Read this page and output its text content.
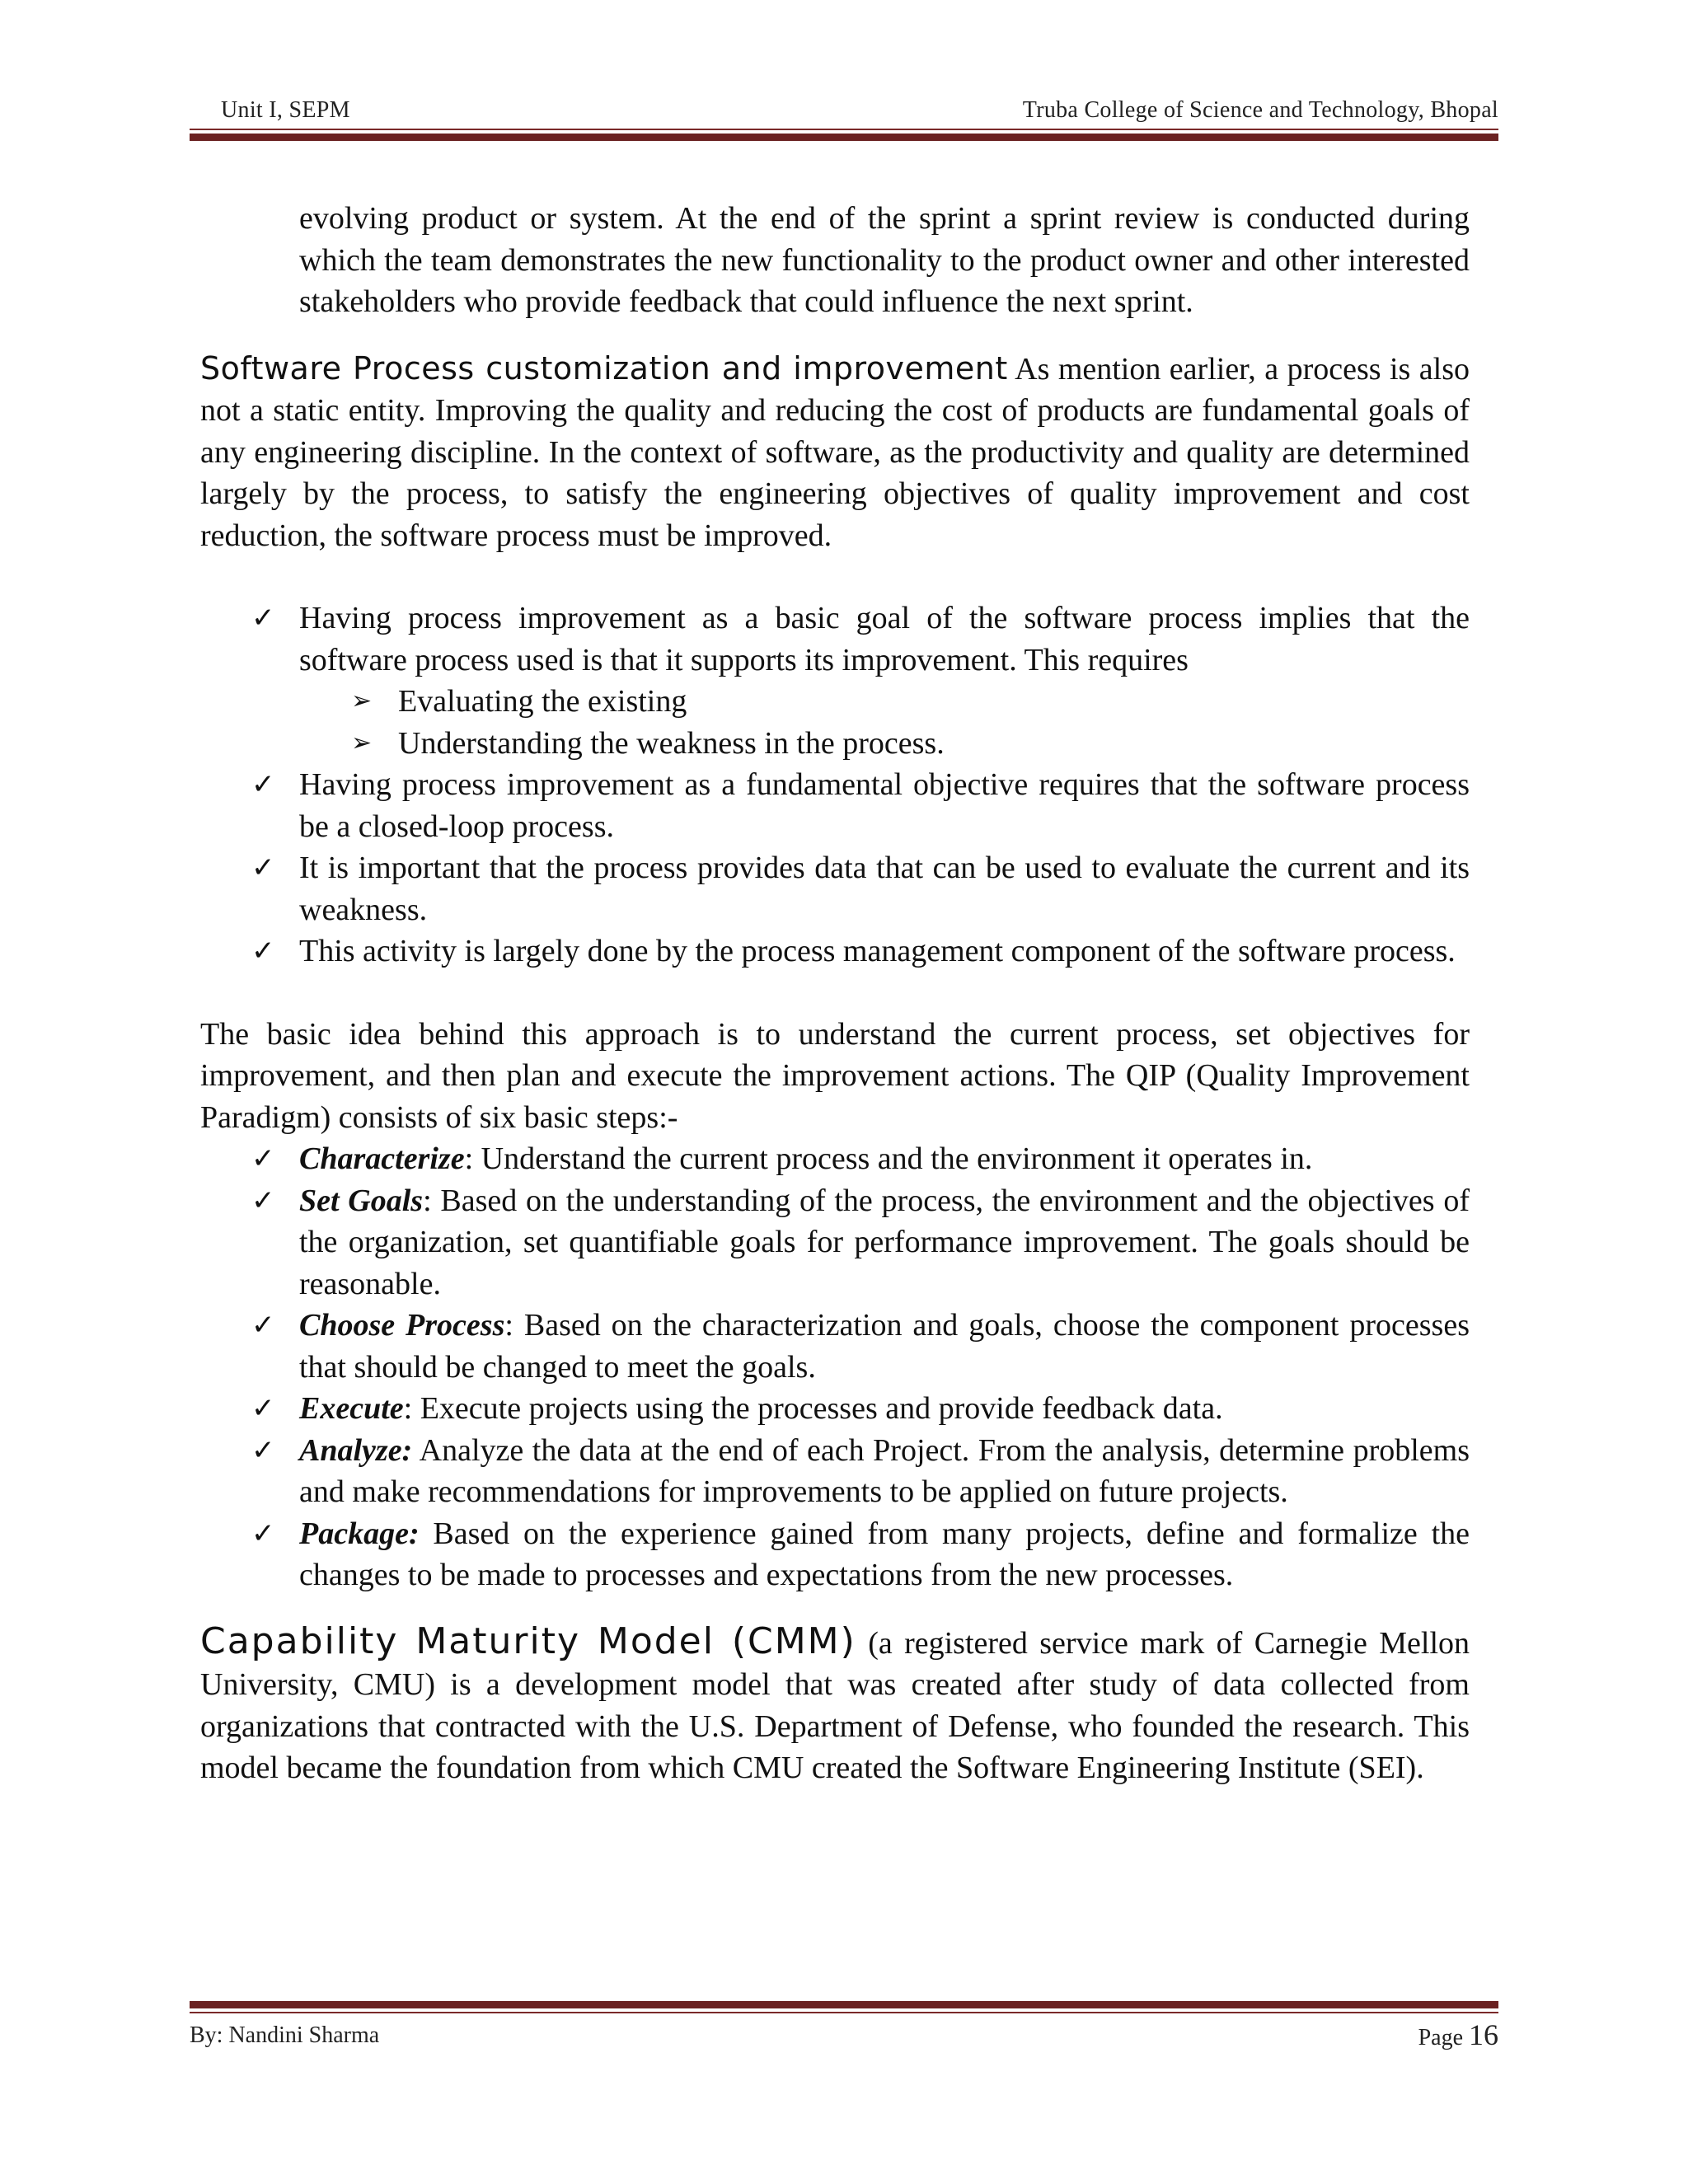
Unit I, SEPM	Truba College of Science and Technology, Bhopal

evolving product or system. At the end of the sprint a sprint review is conducted during which the team demonstrates the new functionality to the product owner and other interested stakeholders who provide feedback that could influence the next sprint.

Software Process customization and improvement As mention earlier, a process is also not a static entity. Improving the quality and reducing the cost of products are fundamental goals of any engineering discipline. In the context of software, as the productivity and quality are determined largely by the process, to satisfy the engineering objectives of quality improvement and cost reduction, the software process must be improved.

✓ Having process improvement as a basic goal of the software process implies that the software process used is that it supports its improvement. This requires
➢ Evaluating the existing
➢ Understanding the weakness in the process.
✓ Having process improvement as a fundamental objective requires that the software process be a closed-loop process.
✓ It is important that the process provides data that can be used to evaluate the current and its weakness.
✓ This activity is largely done by the process management component of the software process.

The basic idea behind this approach is to understand the current process, set objectives for improvement, and then plan and execute the improvement actions. The QIP (Quality Improvement Paradigm) consists of six basic steps:-

✓ Characterize: Understand the current process and the environment it operates in.
✓ Set Goals: Based on the understanding of the process, the environment and the objectives of the organization, set quantifiable goals for performance improvement. The goals should be reasonable.
✓ Choose Process: Based on the characterization and goals, choose the component processes that should be changed to meet the goals.
✓ Execute: Execute projects using the processes and provide feedback data.
✓ Analyze: Analyze the data at the end of each Project. From the analysis, determine problems and make recommendations for improvements to be applied on future projects.
✓ Package: Based on the experience gained from many projects, define and formalize the changes to be made to processes and expectations from the new processes.

Capability Maturity Model (CMM) (a registered service mark of Carnegie Mellon University, CMU) is a development model that was created after study of data collected from organizations that contracted with the U.S. Department of Defense, who founded the research. This model became the foundation from which CMU created the Software Engineering Institute (SEI).

By: Nandini Sharma	Page 16
